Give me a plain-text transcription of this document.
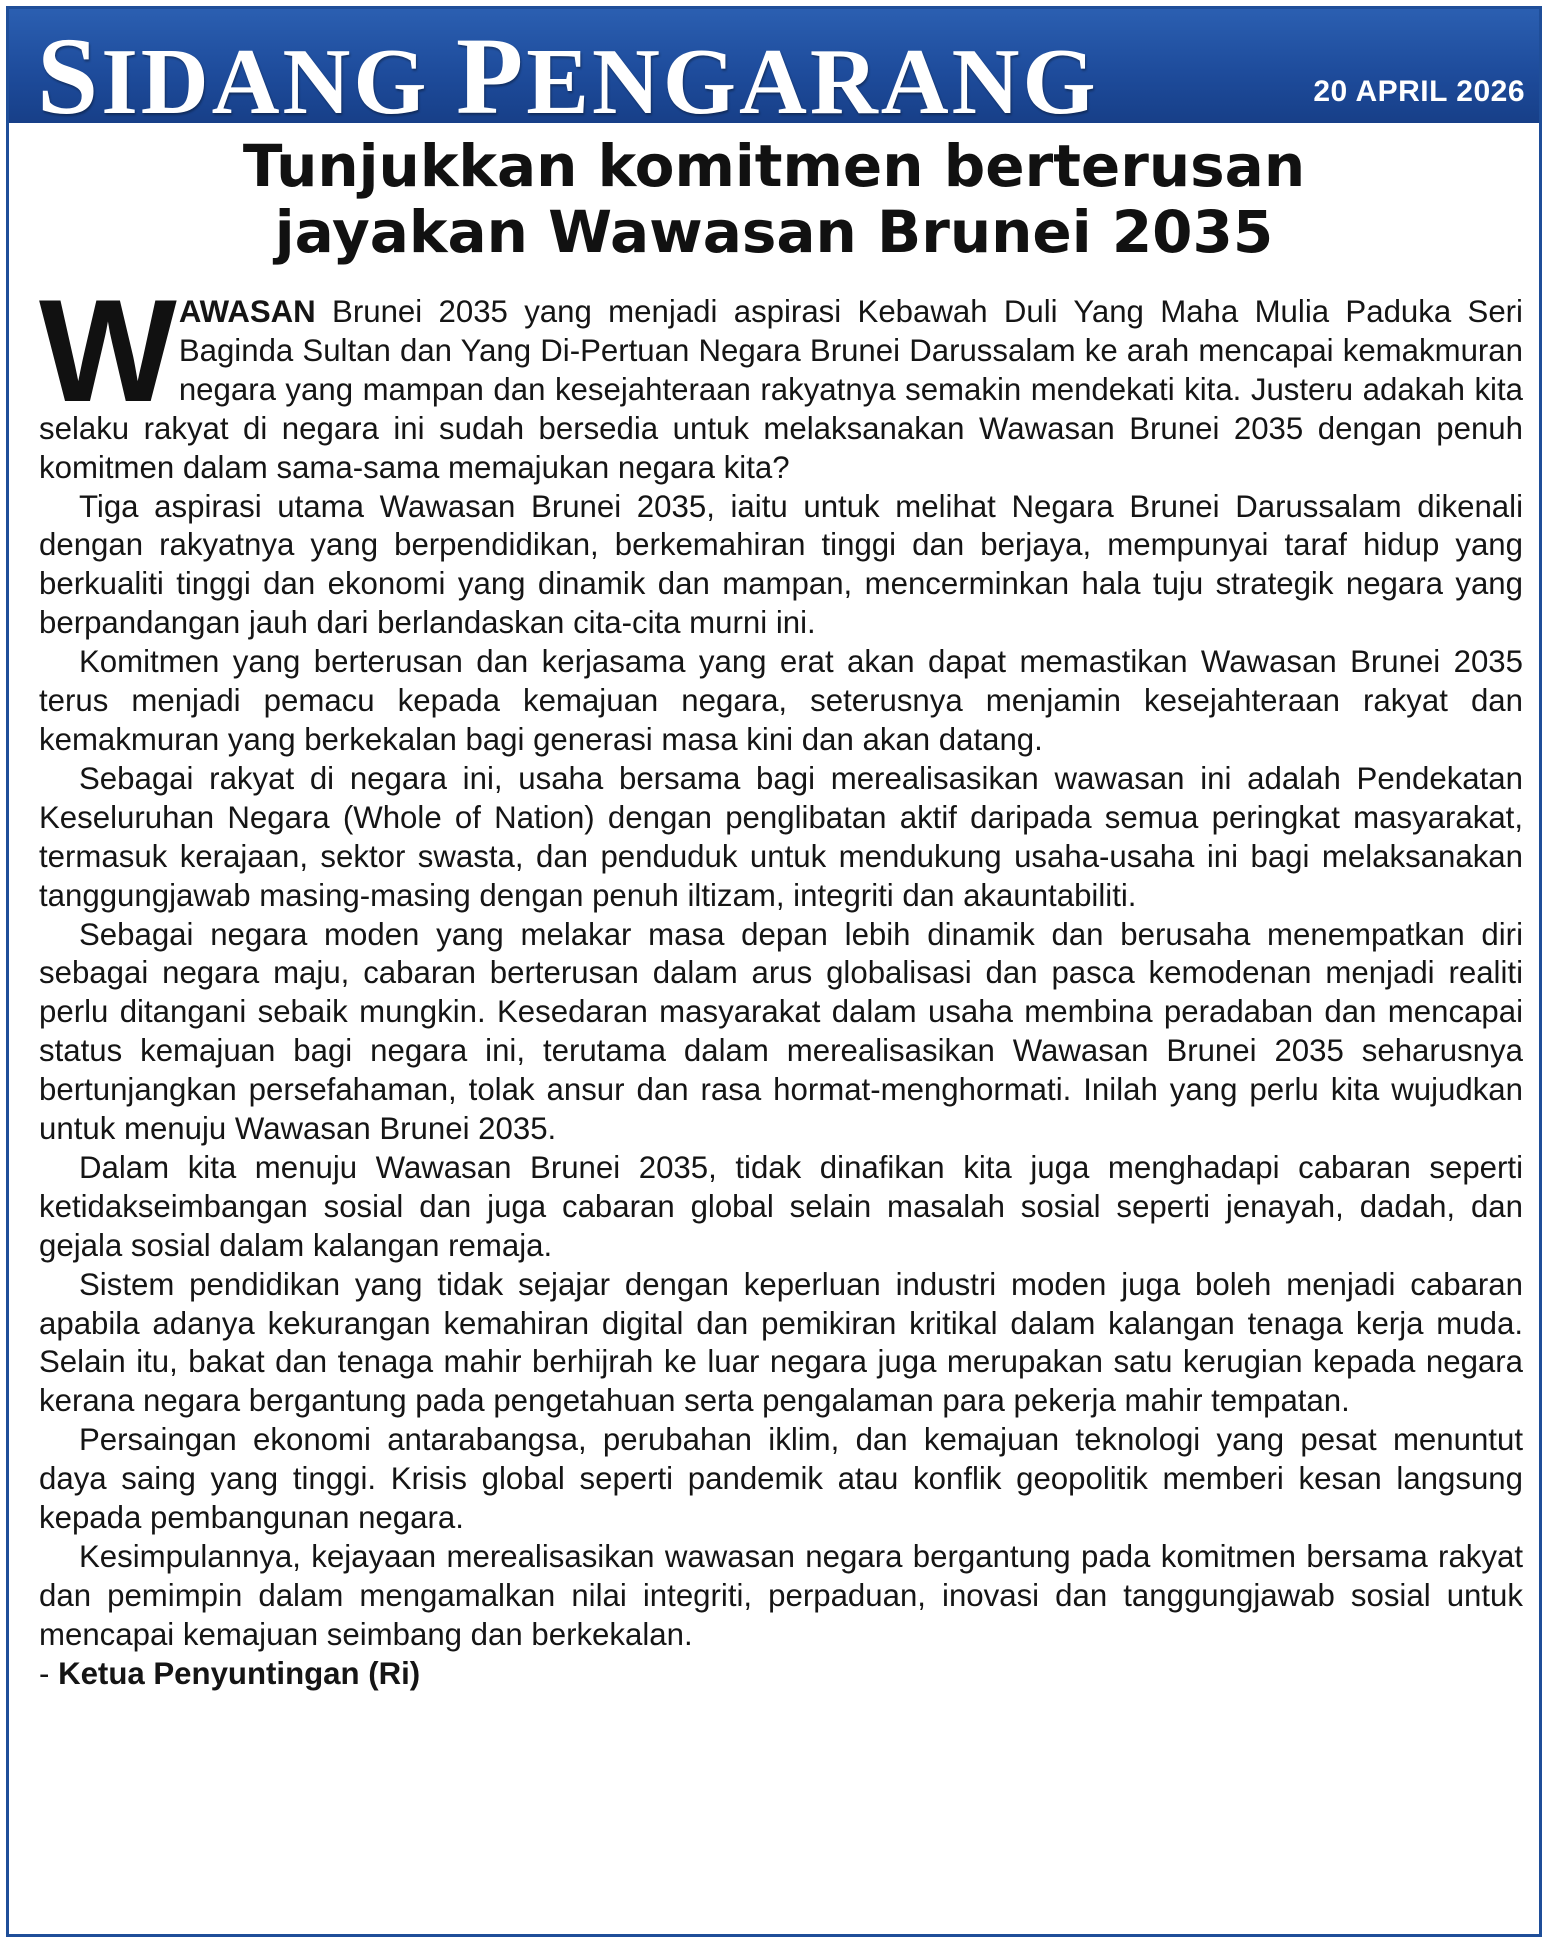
SIDANG PENGARANG	20 APRIL 2026
Tunjukkan komitmen berterusan
jayakan Wawasan Brunei 2035

WAWASAN Brunei 2035 yang menjadi aspirasi Kebawah Duli Yang Maha Mulia Paduka Seri Baginda Sultan dan Yang Di-Pertuan Negara Brunei Darussalam ke arah mencapai kemakmuran negara yang mampan dan kesejahteraan rakyatnya semakin mendekati kita. Justeru adakah kita selaku rakyat di negara ini sudah bersedia untuk melaksanakan Wawasan Brunei 2035 dengan penuh komitmen dalam sama-sama memajukan negara kita?

Tiga aspirasi utama Wawasan Brunei 2035, iaitu untuk melihat Negara Brunei Darussalam dikenali dengan rakyatnya yang berpendidikan, berkemahiran tinggi dan berjaya, mempunyai taraf hidup yang berkualiti tinggi dan ekonomi yang dinamik dan mampan, mencerminkan hala tuju strategik negara yang berpandangan jauh dari berlandaskan cita-cita murni ini.

Komitmen yang berterusan dan kerjasama yang erat akan dapat memastikan Wawasan Brunei 2035 terus menjadi pemacu kepada kemajuan negara, seterusnya menjamin kesejahteraan rakyat dan kemakmuran yang berkekalan bagi generasi masa kini dan akan datang.

Sebagai rakyat di negara ini, usaha bersama bagi merealisasikan wawasan ini adalah Pendekatan Keseluruhan Negara (Whole of Nation) dengan penglibatan aktif daripada semua peringkat masyarakat, termasuk kerajaan, sektor swasta, dan penduduk untuk mendukung usaha-usaha ini bagi melaksanakan tanggungjawab masing-masing dengan penuh iltizam, integriti dan akauntabiliti.

Sebagai negara moden yang melakar masa depan lebih dinamik dan berusaha menempatkan diri sebagai negara maju, cabaran berterusan dalam arus globalisasi dan pasca kemodenan menjadi realiti perlu ditangani sebaik mungkin. Kesedaran masyarakat dalam usaha membina peradaban dan mencapai status kemajuan bagi negara ini, terutama dalam merealisasikan Wawasan Brunei 2035 seharusnya bertunjangkan persefahaman, tolak ansur dan rasa hormat-menghormati. Inilah yang perlu kita wujudkan untuk menuju Wawasan Brunei 2035.

Dalam kita menuju Wawasan Brunei 2035, tidak dinafikan kita juga menghadapi cabaran seperti ketidakseimbangan sosial dan juga cabaran global selain masalah sosial seperti jenayah, dadah, dan gejala sosial dalam kalangan remaja.

Sistem pendidikan yang tidak sejajar dengan keperluan industri moden juga boleh menjadi cabaran apabila adanya kekurangan kemahiran digital dan pemikiran kritikal dalam kalangan tenaga kerja muda. Selain itu, bakat dan tenaga mahir berhijrah ke luar negara juga merupakan satu kerugian kepada negara kerana negara bergantung pada pengetahuan serta pengalaman para pekerja mahir tempatan.

Persaingan ekonomi antarabangsa, perubahan iklim, dan kemajuan teknologi yang pesat menuntut daya saing yang tinggi. Krisis global seperti pandemik atau konflik geopolitik memberi kesan langsung kepada pembangunan negara.

Kesimpulannya, kejayaan merealisasikan wawasan negara bergantung pada komitmen bersama rakyat dan pemimpin dalam mengamalkan nilai integriti, perpaduan, inovasi dan tanggungjawab sosial untuk mencapai kemajuan seimbang dan berkekalan.

- Ketua Penyuntingan (Ri)
